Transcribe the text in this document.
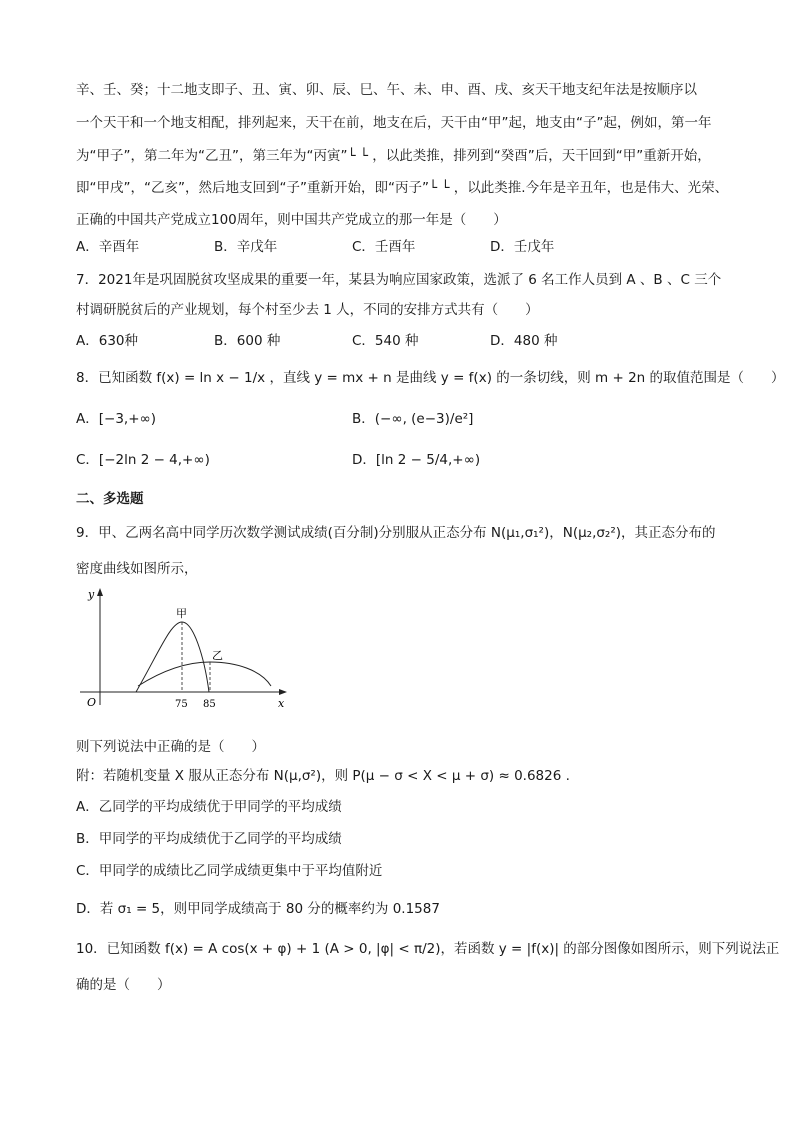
辛、壬、癸；十二地支即子、丑、寅、卯、辰、巳、午、未、申、酉、戌、亥天干地支纪年法是按顺序以
一个天干和一个地支相配，排列起来，天干在前，地支在后，天干由“甲”起，地支由“子”起，例如，第一年
为“甲子”，第二年为“乙丑”，第三年为“丙寅”└ └ ，以此类推，排列到“癸酉”后，天干回到“甲”重新开始，
即“甲戌”，“乙亥”，然后地支回到“子”重新开始，即“丙子”└ └ ，以此类推.今年是辛丑年，也是伟大、光荣、
正确的中国共产党成立100周年，则中国共产党成立的那一年是（　　）
A．辛酉年	B．辛戊年	C．壬酉年	D．壬戊年
7．2021年是巩固脱贫攻坚成果的重要一年，某县为响应国家政策，选派了 6 名工作人员到 A 、B 、C 三个
村调研脱贫后的产业规划，每个村至少去 1 人，不同的安排方式共有（　　）
A．630种	B．600 种	C．540 种	D．480 种
8．已知函数 f(x) = ln x − 1/x ，直线 y = mx + n 是曲线 y = f(x) 的一条切线，则 m + 2n 的取值范围是（　　）
A．[−3,+∞)	B．(−∞, (e−3)/e²]
C．[−2ln 2 − 4,+∞)	D．[ln 2 − 5/4,+∞)
二、多选题
9．甲、乙两名高中同学历次数学测试成绩(百分制)分别服从正态分布 N(μ₁,σ₁²)，N(μ₂,σ₂²)，其正态分布的
密度曲线如图所示，
y
x
O
甲
乙
75 85
则下列说法中正确的是（　　）
附：若随机变量 X 服从正态分布 N(μ,σ²)，则 P(μ − σ < X < μ + σ) ≈ 0.6826 .
A．乙同学的平均成绩优于甲同学的平均成绩
B．甲同学的平均成绩优于乙同学的平均成绩
C．甲同学的成绩比乙同学成绩更集中于平均值附近
D．若 σ₁ = 5，则甲同学成绩高于 80 分的概率约为 0.1587
10．已知函数 f(x) = A cos(x + φ) + 1 (A > 0, |φ| < π/2)，若函数 y = |f(x)| 的部分图像如图所示，则下列说法正
确的是（　　）
